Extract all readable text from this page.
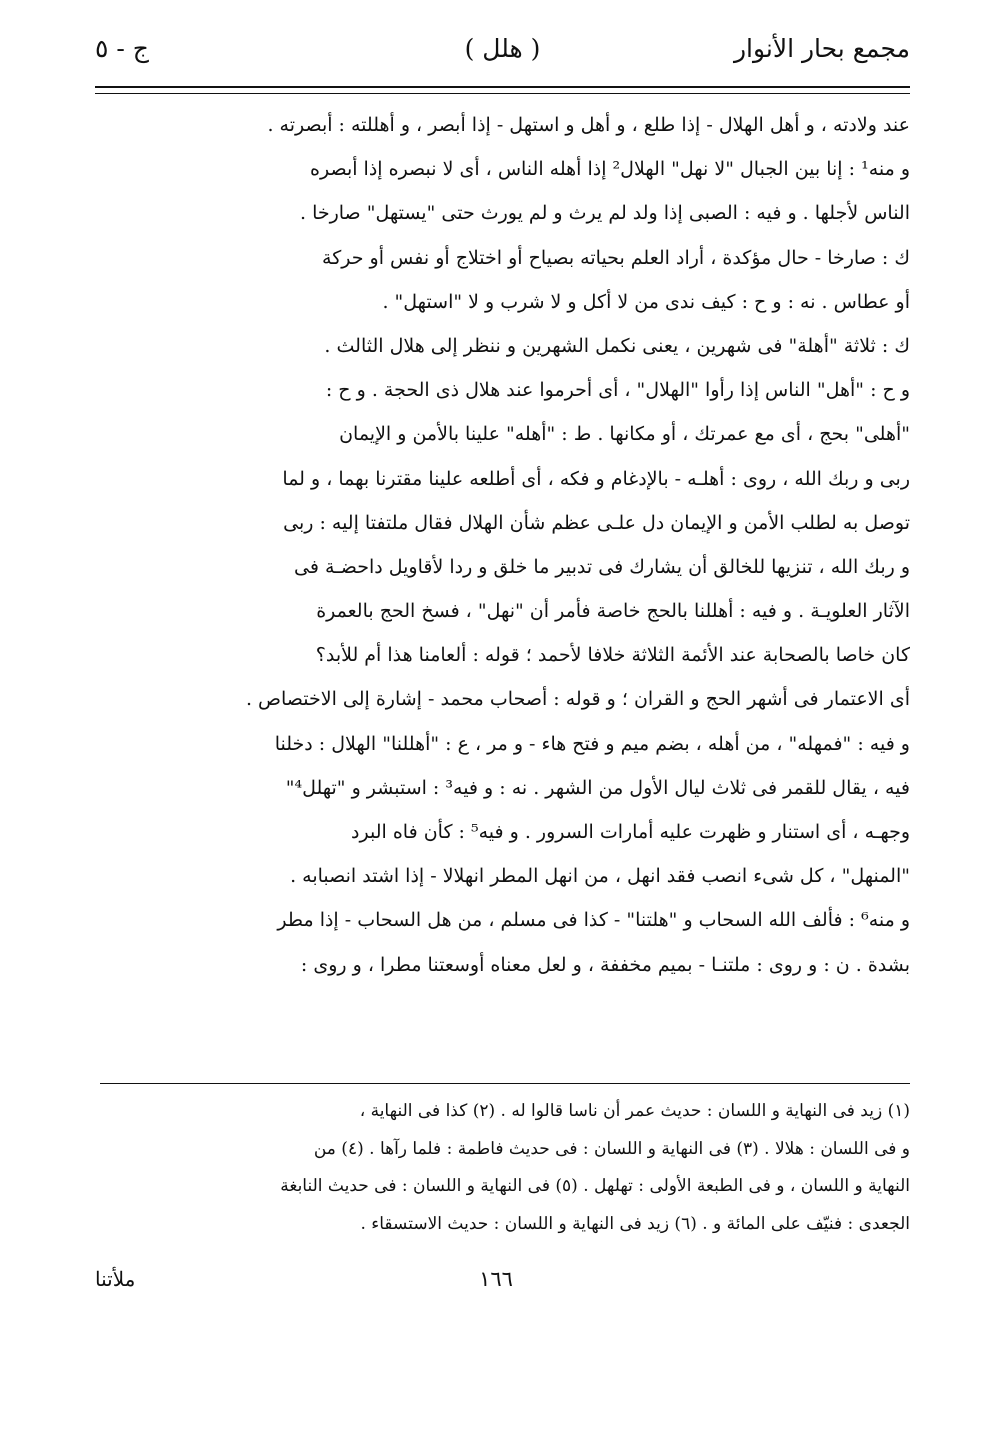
مجمع بحار الأنوار
( هلل )
ج - ٥
عند ولادته ، و أهل الهلال - إذا طلع ، و أهل و استهل - إذا أبصر ، و أهللته : أبصرته .
و منه¹ : إنا بين الجبال "لا نهل" الهلال² إذا أهله الناس ، أى لا نبصره إذا أبصره
الناس لأجلها . و فيه : الصبى إذا ولد لم يرث و لم يورث حتى "يستهل" صارخا .
ك : صارخا - حال مؤكدة ، أراد العلم بحياته بصياح أو اختلاج أو نفس أو حركة
أو عطاس . نه : و ح : كيف ندى من لا أكل و لا شرب و لا "استهل" .
ك : ثلاثة "أهلة" فى شهرين ، يعنى نكمل الشهرين و ننظر إلى هلال الثالث .
و ح : "أهل" الناس إذا رأوا "الهلال" ، أى أحرموا عند هلال ذى الحجة . و ح :
"أهلى" بحج ، أى مع عمرتك ، أو مكانها . ط : "أهله" علينا بالأمن و الإيمان
ربى و ربك الله ، روى : أهلـه - بالإدغام و فكه ، أى أطلعه علينا مقترنا بهما ، و لما
توصل به لطلب الأمن و الإيمان دل علـى عظم شأن الهلال فقال ملتفتا إليه : ربى
و ربك الله ، تنزيها للخالق أن يشارك فى تدبير ما خلق و ردا لأقاويل داحضـة فى
الآثار العلويـة . و فيه : أهللنا بالحج خاصة فأمر أن "نهل" ، فسخ الحج بالعمرة
كان خاصا بالصحابة عند الأئمة الثلاثة خلافا لأحمد ؛ قوله : ألعامنا هذا أم للأبد؟
أى الاعتمار فى أشهر الحج و القران ؛ و قوله : أصحاب محمد - إشارة إلى الاختصاص .
و فيه : "فمهله" ، من أهله ، بضم ميم و فتح هاء - و مر ، ع : "أهللنا" الهلال : دخلنا
فيه ، يقال للقمر فى ثلاث ليال الأول من الشهر . نه : و فيه³ : استبشر و "تهلل⁴"
وجهـه ، أى استنار و ظهرت عليه أمارات السرور . و فيه⁵ : كأن فاه البرد
"المنهل" ، كل شىء انصب فقد انهل ، من انهل المطر انهلالا - إذا اشتد انصبابه .
و منه⁶ : فألف الله السحاب و "هلتنا" - كذا فى مسلم ، من هل السحاب - إذا مطر
بشدة . ن : و روى : ملتنـا - بميم مخففة ، و لعل معناه أوسعتنا مطرا ، و روى :
(١) زيد فى النهاية و اللسان : حديث عمر أن ناسا قالوا له . (٢) كذا فى النهاية ،
و فى اللسان : هلالا . (٣) فى النهاية و اللسان : فى حديث فاطمة : فلما رآها . (٤) من
النهاية و اللسان ، و فى الطبعة الأولى : تهلهل . (٥) فى النهاية و اللسان : فى حديث النابغة
الجعدى : فنيّف على المائة و . (٦) زيد فى النهاية و اللسان : حديث الاستسقاء .
١٦٦
ملأتنا
